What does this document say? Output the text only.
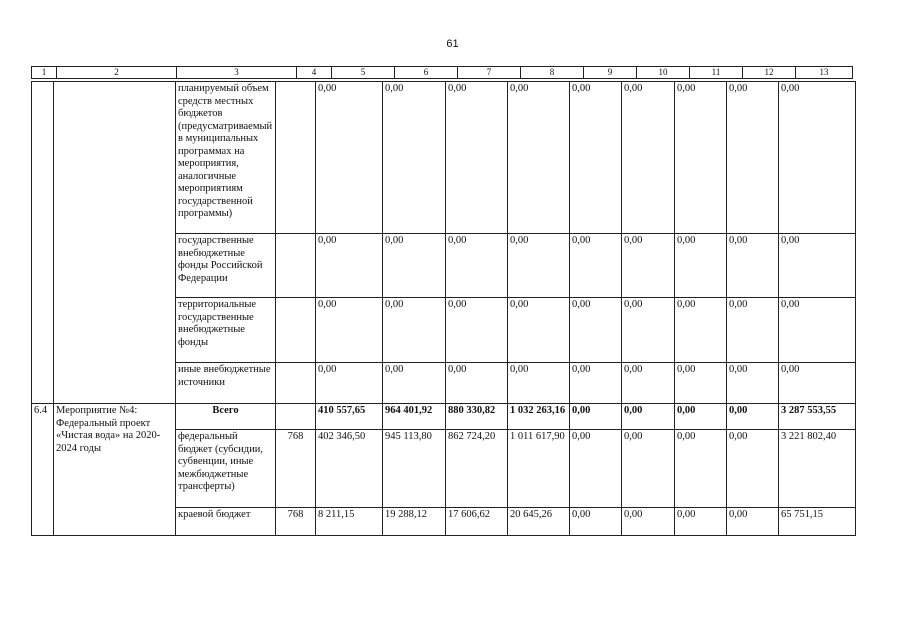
61
1	2	3	4	5	6	7	8	9	10	11	12	13
		планируемый объем средств местных бюджетов (предусматриваемый в муниципальных программах на мероприятия, аналогичные мероприятиям государственной программы)		0,00	0,00	0,00	0,00	0,00	0,00	0,00	0,00	0,00
		государственные внебюджетные фонды Российской Федерации		0,00	0,00	0,00	0,00	0,00	0,00	0,00	0,00	0,00
		территориальные государственные внебюджетные фонды		0,00	0,00	0,00	0,00	0,00	0,00	0,00	0,00	0,00
		иные внебюджетные источники		0,00	0,00	0,00	0,00	0,00	0,00	0,00	0,00	0,00
6.4	Мероприятие №4: Федеральный проект «Чистая вода» на 2020-2024 годы	Всего		410 557,65	964 401,92	880 330,82	1 032 263,16	0,00	0,00	0,00	0,00	3 287 553,55
		федеральный бюджет (субсидии, субвенции, иные межбюджетные трансферты)	768	402 346,50	945 113,80	862 724,20	1 011 617,90	0,00	0,00	0,00	0,00	3 221 802,40
		краевой бюджет	768	8 211,15	19 288,12	17 606,62	20 645,26	0,00	0,00	0,00	0,00	65 751,15
